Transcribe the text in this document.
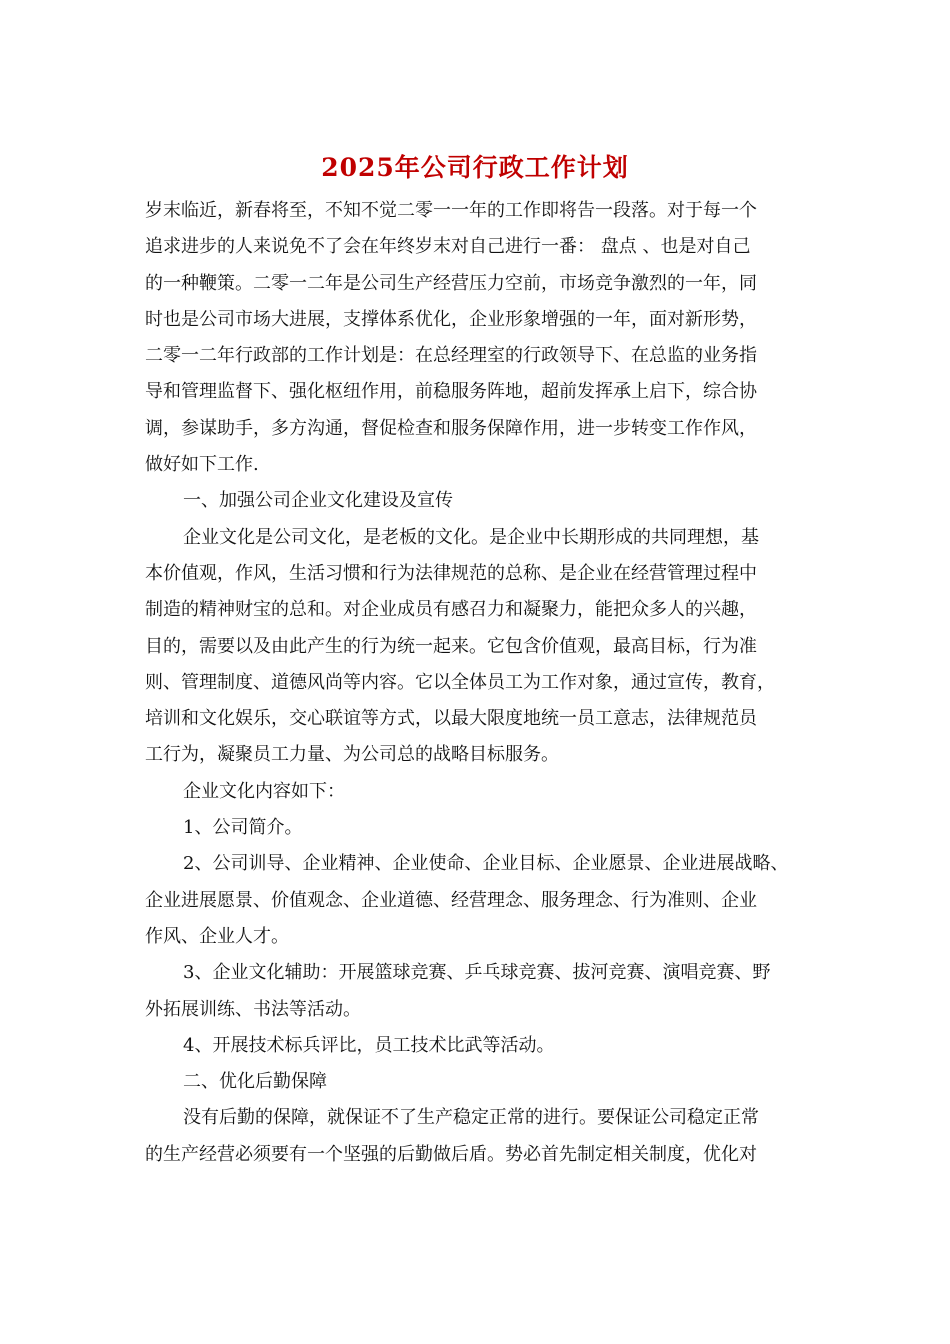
2025年公司行政工作计划
岁末临近，新春将至，不知不觉二零一一年的工作即将告一段落。对于每一个
追求进步的人来说免不了会在年终岁末对自己进行一番： 盘点 、也是对自己
的一种鞭策。二零一二年是公司生产经营压力空前，市场竞争激烈的一年，同
时也是公司市场大进展，支撑体系优化，企业形象增强的一年，面对新形势，
二零一二年行政部的工作计划是：在总经理室的行政领导下、在总监的业务指
导和管理监督下、强化枢纽作用，前稳服务阵地，超前发挥承上启下，综合协
调，参谋助手，多方沟通，督促检查和服务保障作用，进一步转变工作作风，
做好如下工作.
一、加强公司企业文化建设及宣传
企业文化是公司文化，是老板的文化。是企业中长期形成的共同理想，基
本价值观，作风，生活习惯和行为法律规范的总称、是企业在经营管理过程中
制造的精神财宝的总和。对企业成员有感召力和凝聚力，能把众多人的兴趣，
目的，需要以及由此产生的行为统一起来。它包含价值观，最高目标，行为准
则、管理制度、道德风尚等内容。它以全体员工为工作对象，通过宣传，教育，
培训和文化娱乐，交心联谊等方式，以最大限度地统一员工意志，法律规范员
工行为，凝聚员工力量、为公司总的战略目标服务。
企业文化内容如下：
1、公司简介。
2、公司训导、企业精神、企业使命、企业目标、企业愿景、企业进展战略、
企业进展愿景、价值观念、企业道德、经营理念、服务理念、行为准则、企业
作风、企业人才。
3、企业文化辅助：开展篮球竞赛、乒乓球竞赛、拔河竞赛、演唱竞赛、野
外拓展训练、书法等活动。
4、开展技术标兵评比，员工技术比武等活动。
二、优化后勤保障
没有后勤的保障，就保证不了生产稳定正常的进行。要保证公司稳定正常
的生产经营必须要有一个坚强的后勤做后盾。势必首先制定相关制度，优化对
